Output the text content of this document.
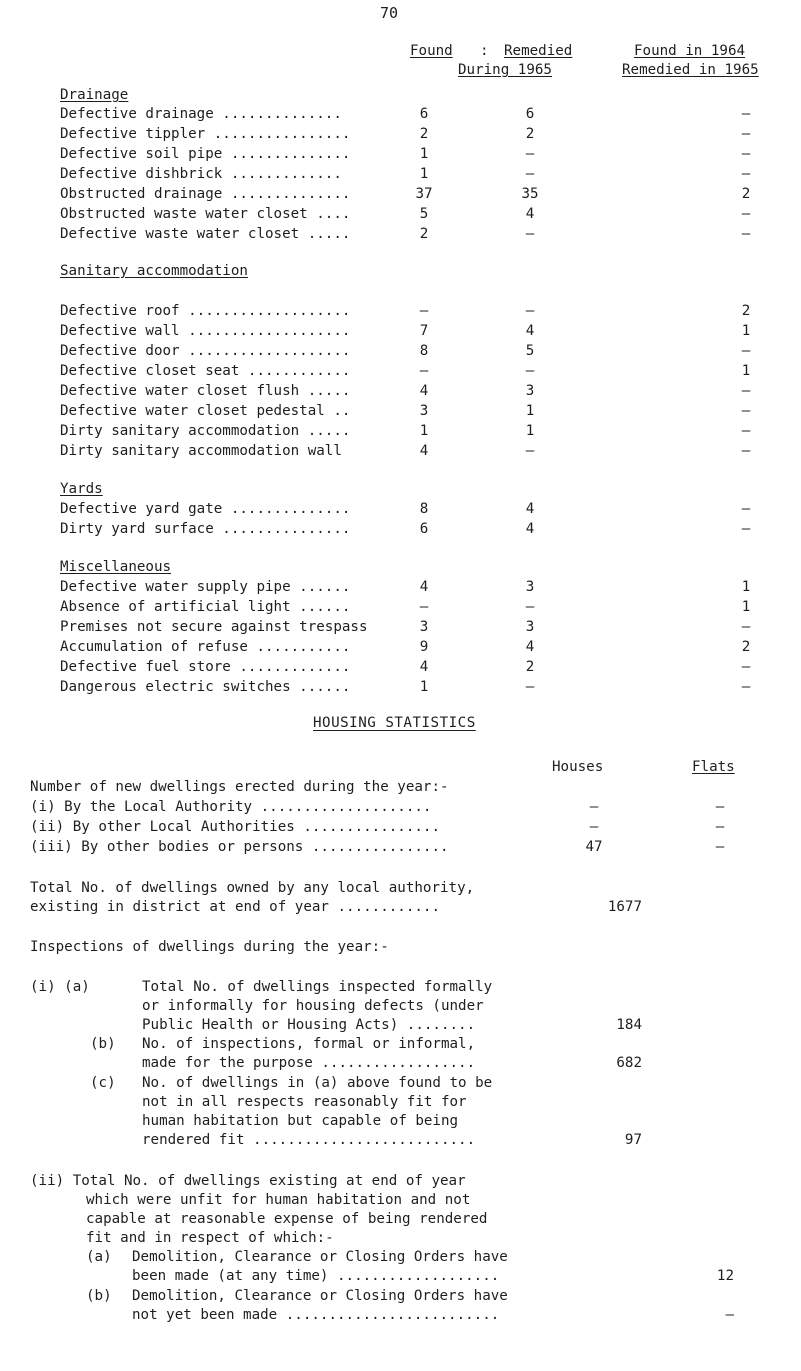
70
Found : Remedied
During 1965
Found in 1964
Remedied in 1965
Drainage
Defective drainage ..............	6	6	–
Defective tippler ................	2	2	–
Defective soil pipe ..............	1	–	–
Defective dishbrick .............	1	–	–
Obstructed drainage ..............	37	35	2
Obstructed waste water closet ....	5	4	–
Defective waste water closet .....	2	–	–
Sanitary accommodation
Defective roof ...................	–	–	2
Defective wall ...................	7	4	1
Defective door ...................	8	5	–
Defective closet seat ............	–	–	1
Defective water closet flush .....	4	3	–
Defective water closet pedestal ..	3	1	–
Dirty sanitary accommodation .....	1	1	–
Dirty sanitary accommodation wall	4	–	–
Yards
Defective yard gate ..............	8	4	–
Dirty yard surface ...............	6	4	–
Miscellaneous
Defective water supply pipe ......	4	3	1
Absence of artificial light ......	–	–	1
Premises not secure against trespass	3	3	–
Accumulation of refuse ...........	9	4	2
Defective fuel store .............	4	2	–
Dangerous electric switches ......	1	–	–
HOUSING STATISTICS
Houses	Flats
Number of new dwellings erected during the year:-
(i) By the Local Authority ....................	–	–
(ii) By other Local Authorities ................	–	–
(iii) By other bodies or persons ................	47	–
Total No. of dwellings owned by any local authority,
existing in district at end of year ............	1677
Inspections of dwellings during the year:-
(i) (a)	Total No. of dwellings inspected formally
or informally for housing defects (under
Public Health or Housing Acts) ........	184
(b) No. of inspections, formal or informal,
made for the purpose ..................	682
(c) No. of dwellings in (a) above found to be
not in all respects reasonably fit for
human habitation but capable of being
rendered fit ..........................	97
(ii) Total No. of dwellings existing at end of year
which were unfit for human habitation and not
capable at reasonable expense of being rendered
fit and in respect of which:-
(a) Demolition, Clearance or Closing Orders have
been made (at any time) ...................	12
(b) Demolition, Clearance or Closing Orders have
not yet been made .........................	–
